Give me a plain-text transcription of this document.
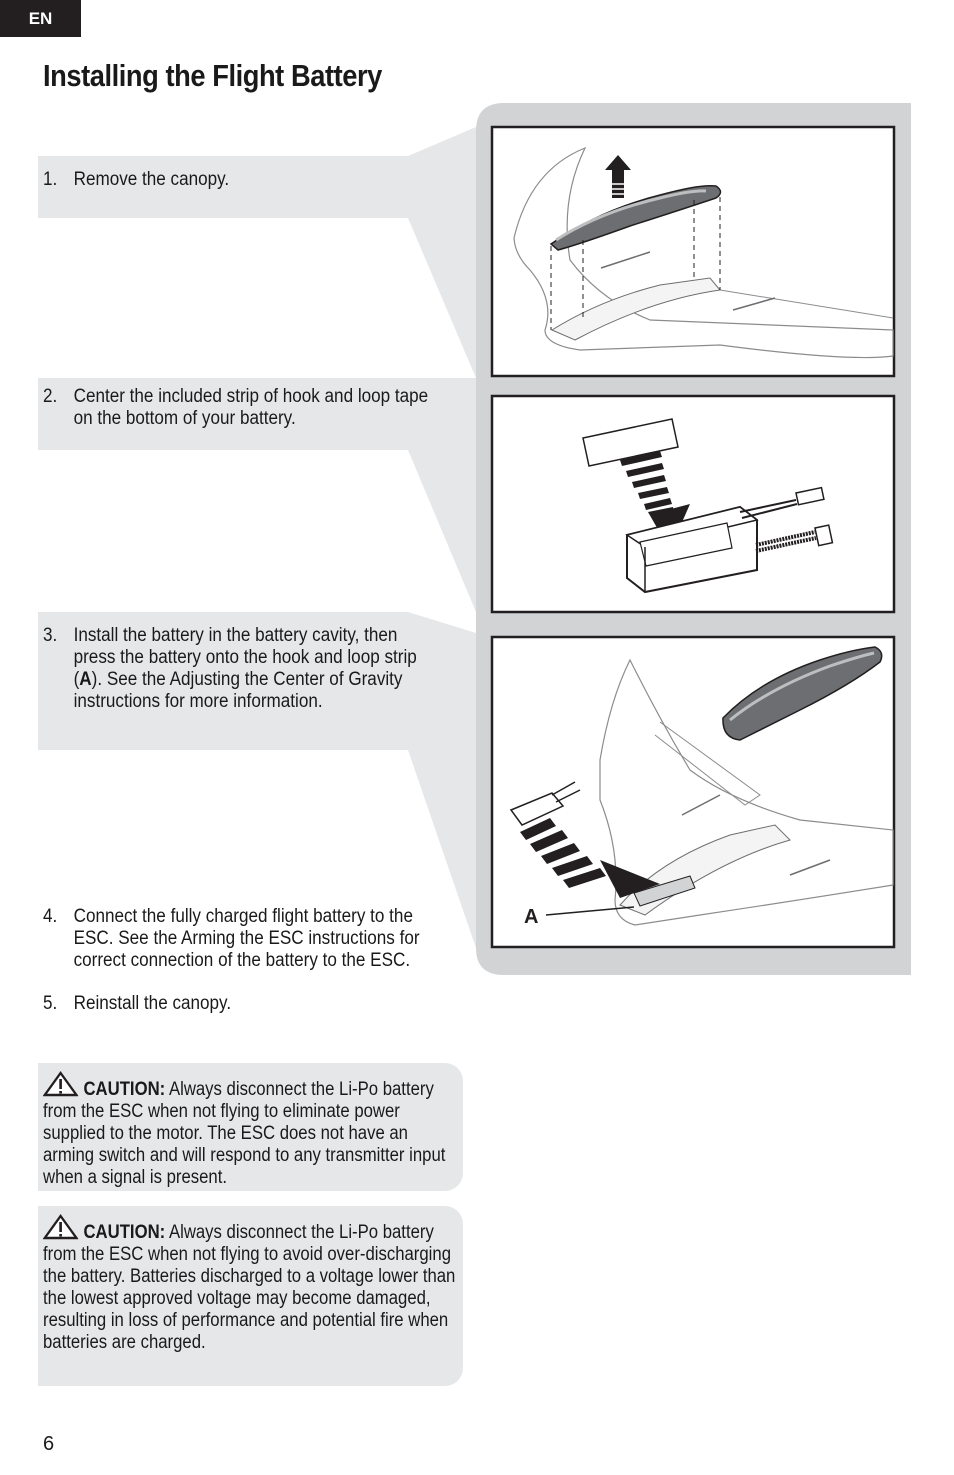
EN
Installing the Flight Battery
A
1. Remove the canopy.
2. Center the included strip of hook and loop tape on the bottom of your battery.
3. Install the battery in the battery cavity, then press the battery onto the hook and loop strip (A). See the Adjusting the Center of Gravity instructions for more information.
4. Connect the fully charged flight battery to the ESC. See the Arming the ESC instructions for correct connection of the battery to the ESC.
5. Reinstall the canopy.
CAUTION: Always disconnect the Li-Po battery from the ESC when not flying to eliminate power supplied to the motor. The ESC does not have an arming switch and will respond to any transmitter input when a signal is present.
CAUTION: Always disconnect the Li-Po battery from the ESC when not flying to avoid over-discharging the battery. Batteries discharged to a voltage lower than the lowest approved voltage may become damaged, resulting in loss of performance and potential fire when batteries are charged.
6
